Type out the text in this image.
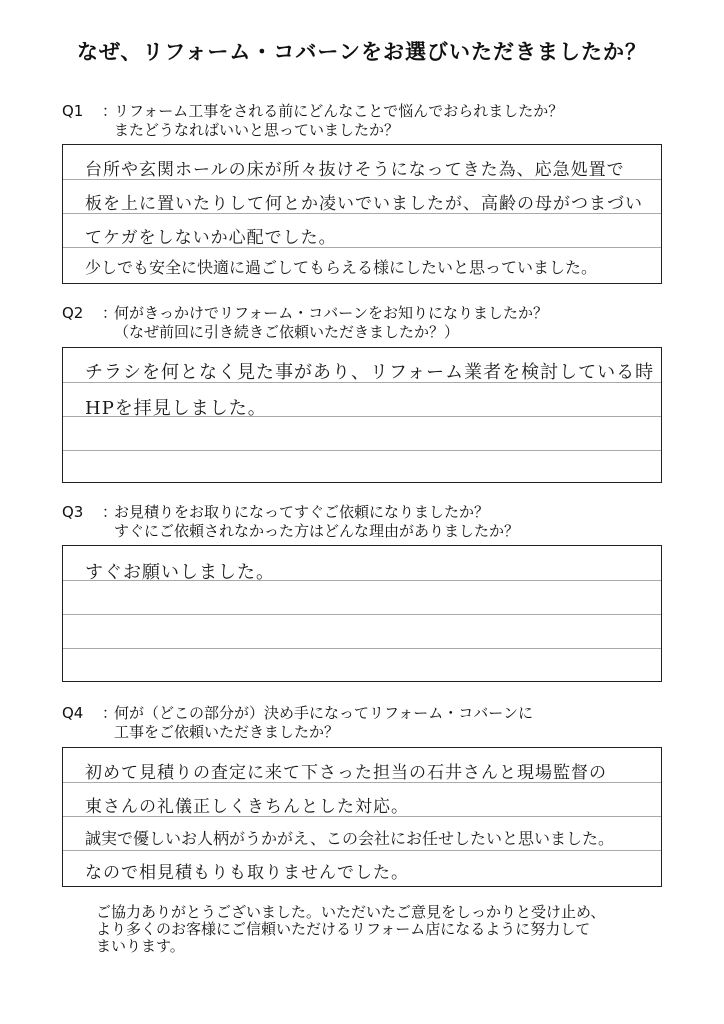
なぜ、リフォーム・コバーンをお選びいただきましたか？
Q1 ：リフォーム工事をされる前にどんなことで悩んでおられましたか？
またどうなればいいと思っていましたか？
台所や玄関ホールの床が所々抜けそうになってきた為、応急処置で
板を上に置いたりして何とか凌いでいましたが、高齢の母がつまづい
てケガをしないか心配でした。
少しでも安全に快適に過ごしてもらえる様にしたいと思っていました。
Q2 ：何がきっかけでリフォーム・コバーンをお知りになりましたか？
（なぜ前回に引き続きご依頼いただきましたか？）
チラシを何となく見た事があり、リフォーム業者を検討している時
HPを拝見しました。
Q3 ：お見積りをお取りになってすぐご依頼になりましたか？
すぐにご依頼されなかった方はどんな理由がありましたか？
すぐお願いしました。
Q4 ：何が（どこの部分が）決め手になってリフォーム・コバーンに
工事をご依頼いただきましたか？
初めて見積りの査定に来て下さった担当の石井さんと現場監督の
東さんの礼儀正しくきちんとした対応。
誠実で優しいお人柄がうかがえ、この会社にお任せしたいと思いました。
なので相見積もりも取りませんでした。
ご協力ありがとうございました。いただいたご意見をしっかりと受け止め、
より多くのお客様にご信頼いただけるリフォーム店になるように努力して
まいります。
